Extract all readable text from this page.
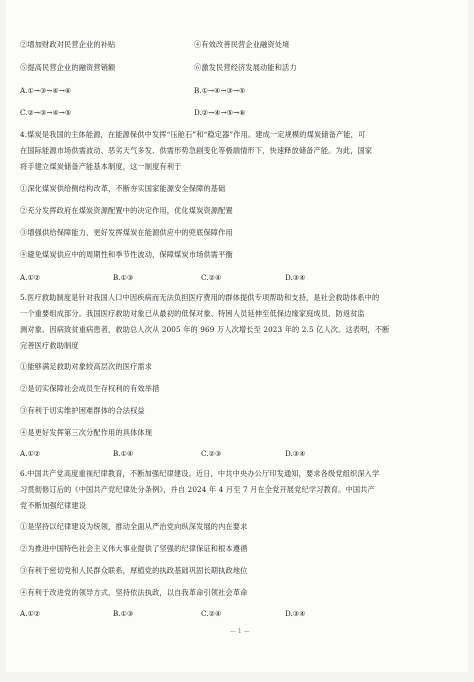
②增加财政对民营企业的补贴	④有效改善民营企业融资处境
⑤提高民营企业的融资营销额	⑥激发民营经济发展动能和活力
A.①→③→④→⑥	B.①→④→③→⑤
C.②→③→④→⑤	D.②→④→⑤→⑥
4.煤炭是我国的主体能源，在能源保供中发挥“压舱石”和“稳定器”作用。建成一定规模的煤炭储备产能，可
在国际能源市场供需波动、恶劣天气多发、供需形势急剧变化等极端情形下，快速释放储备产能。为此，国家
将手建立煤炭储备产能基本制度，这一制度有利于
①深化煤炭供给侧结构改革，不断夯实国家能源安全保障的基础
②充分发挥政府在煤炭资源配置中的决定作用，优化煤炭资源配置
③增强供给保障能力、更好发挥煤炭在能源供应中的兜底保障作用
④避免煤炭供应中的周期性和季节性波动，保障煤炭市场供需平衡
A.①②	B.①③	C.②④	D.③④
5.医疗救助制度是针对我国人口中因疾病而无法负担医疗费用的群体提供专项帮助和支持，是社会救助体系中的
一个重要组成部分。我国医疗救助对象已从最初的低保对象、特困人员延伸至低保边缘家庭成员、防返贫监
测对象、因病致贫重病患者，救助总人次从 2005 年的 969 万人次增长至 2023 年的 2.5 亿人次。这表明，不断
完善医疗救助制度
①能够满足救助对象较高层次的医疗需求
②是切实保障社会成员生存权利的有效举措
③有利于切实维护困难群体的合法权益
④是更好发挥第三次分配作用的具体体现
A.①②	B.①④	C.②③	D.③④
6.中国共产党高度重视纪律教育，不断加强纪律建设。近日，中共中央办公厅印发通知，要求各级党组织深入学
习贯彻修订后的《中国共产党纪律处分条例》，并自 2024 年 4 月至 7 月在全党开展党纪学习教育。中国共产
党不断加强纪律建设
①是坚持以纪律建设为统领，推动全面从严治党向纵深发展的内在要求
②为推进中国特色社会主义伟大事业提供了坚强的纪律保证和根本遵循
③有利于密切党和人民群众联系，厚植党的执政基础巩固长期执政地位
④有利于改进党的领导方式，坚持依法执政，以自我革命引领社会革命
A.①②	B.①③	C.②④	D.③④
— 1 —
